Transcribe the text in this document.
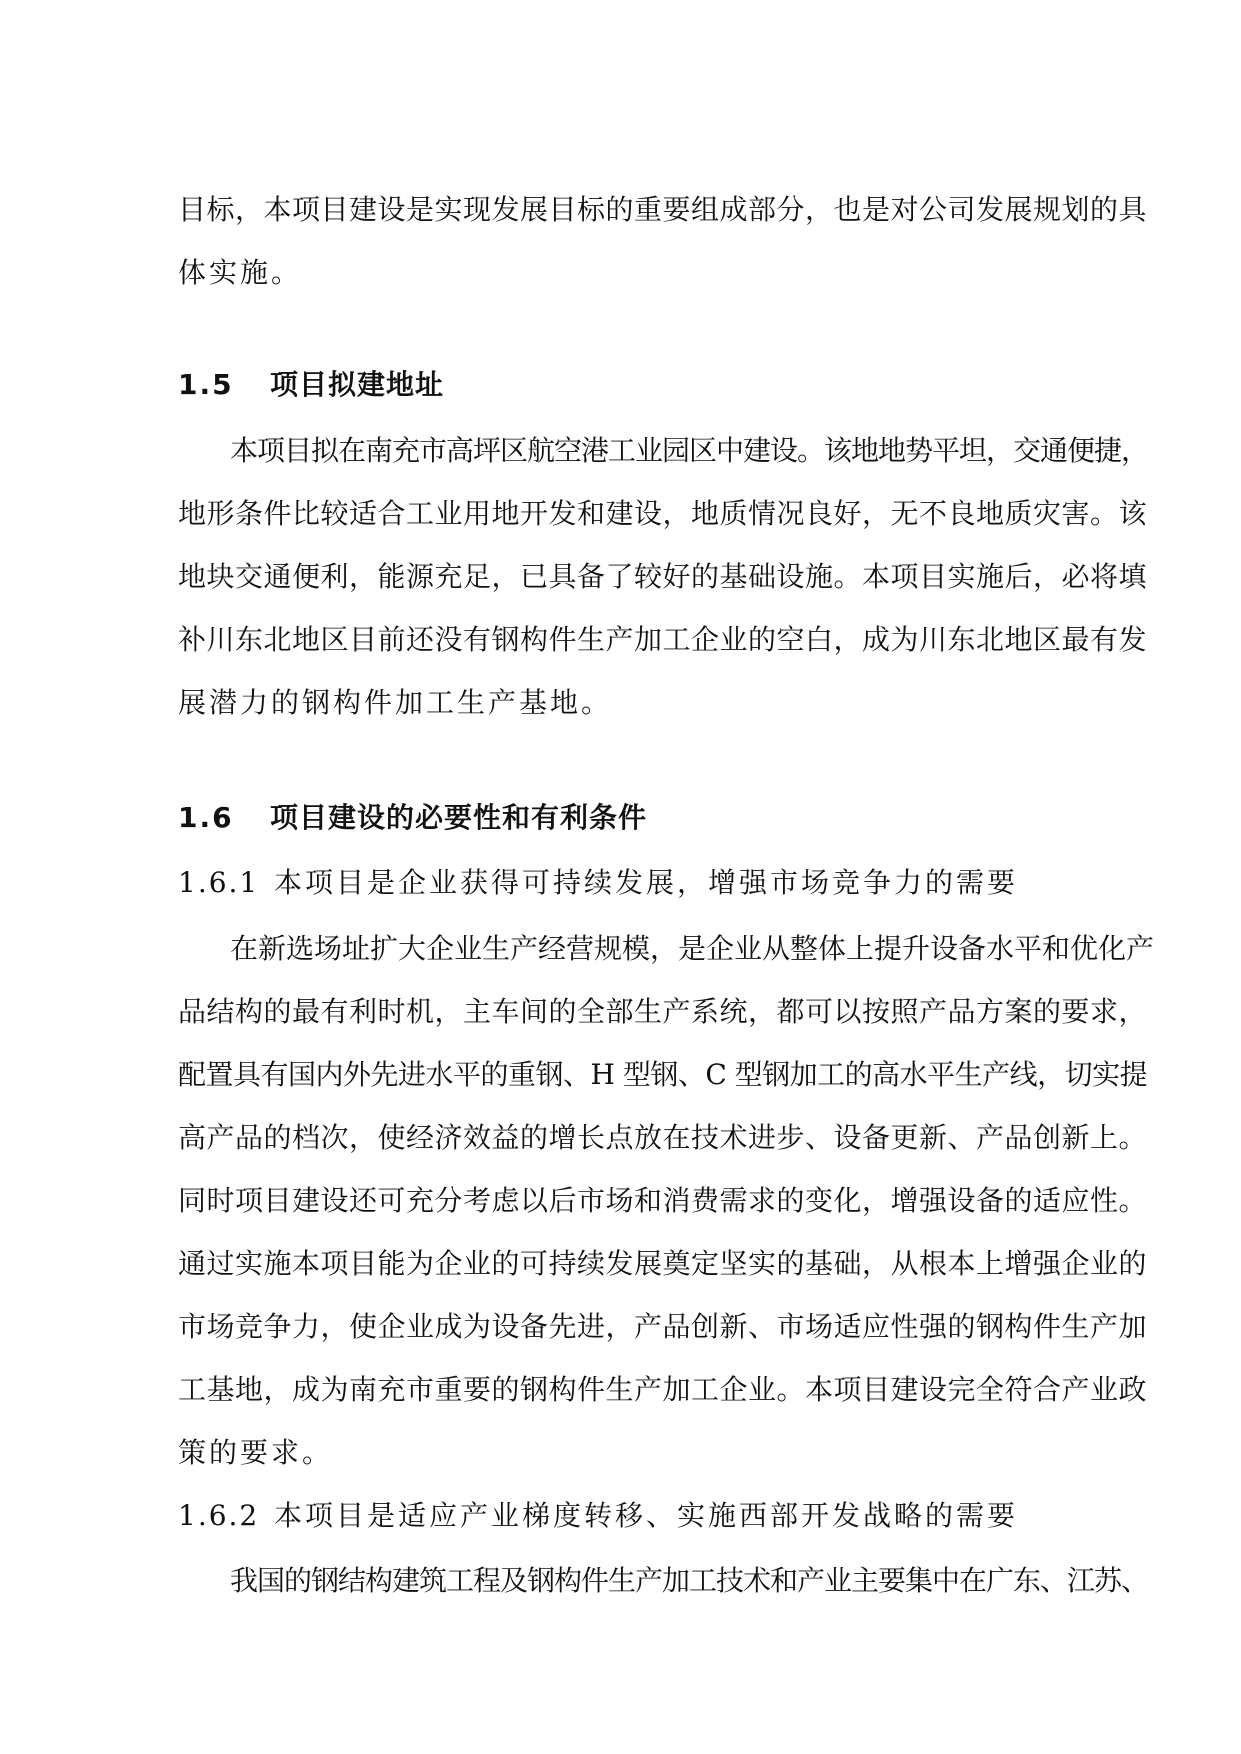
目标，本项目建设是实现发展目标的重要组成部分，也是对公司发展规划的具
体实施。
1.5 项目拟建地址
本项目拟在南充市高坪区航空港工业园区中建设。该地地势平坦，交通便捷，
地形条件比较适合工业用地开发和建设，地质情况良好，无不良地质灾害。该
地块交通便利，能源充足，已具备了较好的基础设施。本项目实施后，必将填
补川东北地区目前还没有钢构件生产加工企业的空白，成为川东北地区最有发
展潜力的钢构件加工生产基地。
1.6 项目建设的必要性和有利条件
1.6.1 本项目是企业获得可持续发展，增强市场竞争力的需要
在新选场址扩大企业生产经营规模，是企业从整体上提升设备水平和优化产
品结构的最有利时机，主车间的全部生产系统，都可以按照产品方案的要求，
配置具有国内外先进水平的重钢、H 型钢、C 型钢加工的高水平生产线，切实提
高产品的档次，使经济效益的增长点放在技术进步、设备更新、产品创新上。
同时项目建设还可充分考虑以后市场和消费需求的变化，增强设备的适应性。
通过实施本项目能为企业的可持续发展奠定坚实的基础，从根本上增强企业的
市场竞争力，使企业成为设备先进，产品创新、市场适应性强的钢构件生产加
工基地，成为南充市重要的钢构件生产加工企业。本项目建设完全符合产业政
策的要求。
1.6.2 本项目是适应产业梯度转移、实施西部开发战略的需要
我国的钢结构建筑工程及钢构件生产加工技术和产业主要集中在广东、江苏、
